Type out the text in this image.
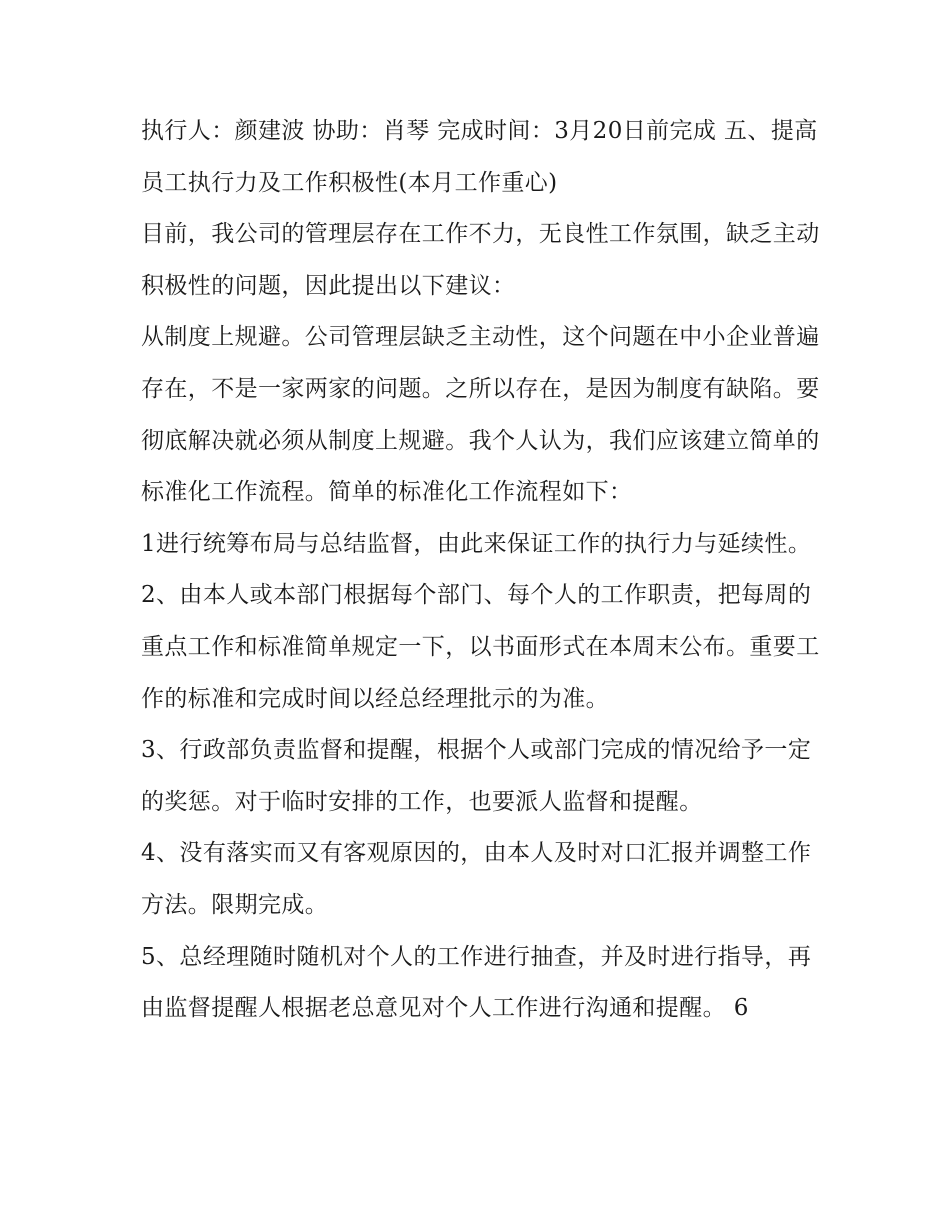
执行人：颜建波 协助：肖琴 完成时间：3月20日前完成 五、提高员工执行力及工作积极性(本月工作重心)

目前，我公司的管理层存在工作不力，无良性工作氛围，缺乏主动积极性的问题，因此提出以下建议：

从制度上规避。公司管理层缺乏主动性，这个问题在中小企业普遍存在，不是一家两家的问题。之所以存在，是因为制度有缺陷。要彻底解决就必须从制度上规避。我个人认为，我们应该建立简单的标准化工作流程。简单的标准化工作流程如下：

1进行统筹布局与总结监督，由此来保证工作的执行力与延续性。

2、由本人或本部门根据每个部门、每个人的工作职责，把每周的重点工作和标准简单规定一下，以书面形式在本周末公布。重要工作的标准和完成时间以经总经理批示的为准。

3、行政部负责监督和提醒，根据个人或部门完成的情况给予一定的奖惩。对于临时安排的工作，也要派人监督和提醒。

4、没有落实而又有客观原因的，由本人及时对口汇报并调整工作方法。限期完成。

5、总经理随时随机对个人的工作进行抽查，并及时进行指导，再由监督提醒人根据老总意见对个人工作进行沟通和提醒。 6
